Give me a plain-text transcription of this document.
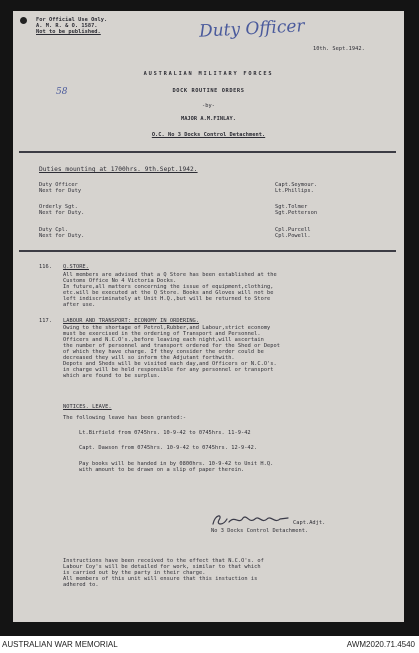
For Official Use Only.
A. M. R. & O. 1587.
Not to be published.	Duty Officer
10th. Sept.1942.
AUSTRALIAN MILITARY FORCES
DOCK ROUTINE ORDERS
58
-by-
MAJOR A.M.FINLAY.
O.C. No 3 Docks Control Detachment.
Duties mounting at 1700hrs. 9th.Sept.1942.
Duty Officer
Next for Duty
Capt.Seymour.
Lt.Phillips.
Orderly Sgt.
Next for Duty.
Sgt.Tolmer
Sgt.Petterson
Duty Cpl.
Next for Duty.
Cpl.Purcell
Cpl.Powell.
116. Q.STORE.
All members are advised that a Q Store has been established at the
Customs Office No 4 Victoria Docks.
In future,all matters concerning the issue of equipment,clothing,
etc.will be executed at the Q Store. Books and Gloves will not be
left indiscriminately at Unit H.Q.,but will be returned to Store
after use.
117. LABOUR AND TRANSPORT: ECONOMY IN ORDERING.
Owing to the shortage of Petrol,Rubber,and Labour,strict economy
must be exercised in the ordering of Transport and Personnel.
Officers and N.C.O's.,before leaving each night,will ascertain
the number of personnel and transport ordered for the Shed or Depot
of which they have charge. If they consider the order could be
decreased they will so inform the Adjutant forthwith.
Depots and Sheds will be visited each day,and Officers or N.C.O's.
in charge will be held responsible for any personnel or transport
which are found to be surplus.
NOTICES. LEAVE.
The following leave has been granted:-
Lt.Birfield from 0745hrs. 10-9-42 to 0745hrs. 11-9-42
Capt. Dawson from 0745hrs. 10-9-42 to 0745hrs. 12-9-42.
Pay books will be handed in by 0800hrs. 10-9-42 to Unit H.Q.
with amount to be drawn on a slip of paper therein.
Capt.Adjt.
No 3 Docks Control Detachment.
Instructions have been received to the effect that N.C.O's. of
Labour Coy's will be detailed for work, similar to that which
is carried out by the party in their charge.
All members of this unit will ensure that this instuction is
adhered to.
AUSTRALIAN WAR MEMORIAL	AWM2020.71.4540
